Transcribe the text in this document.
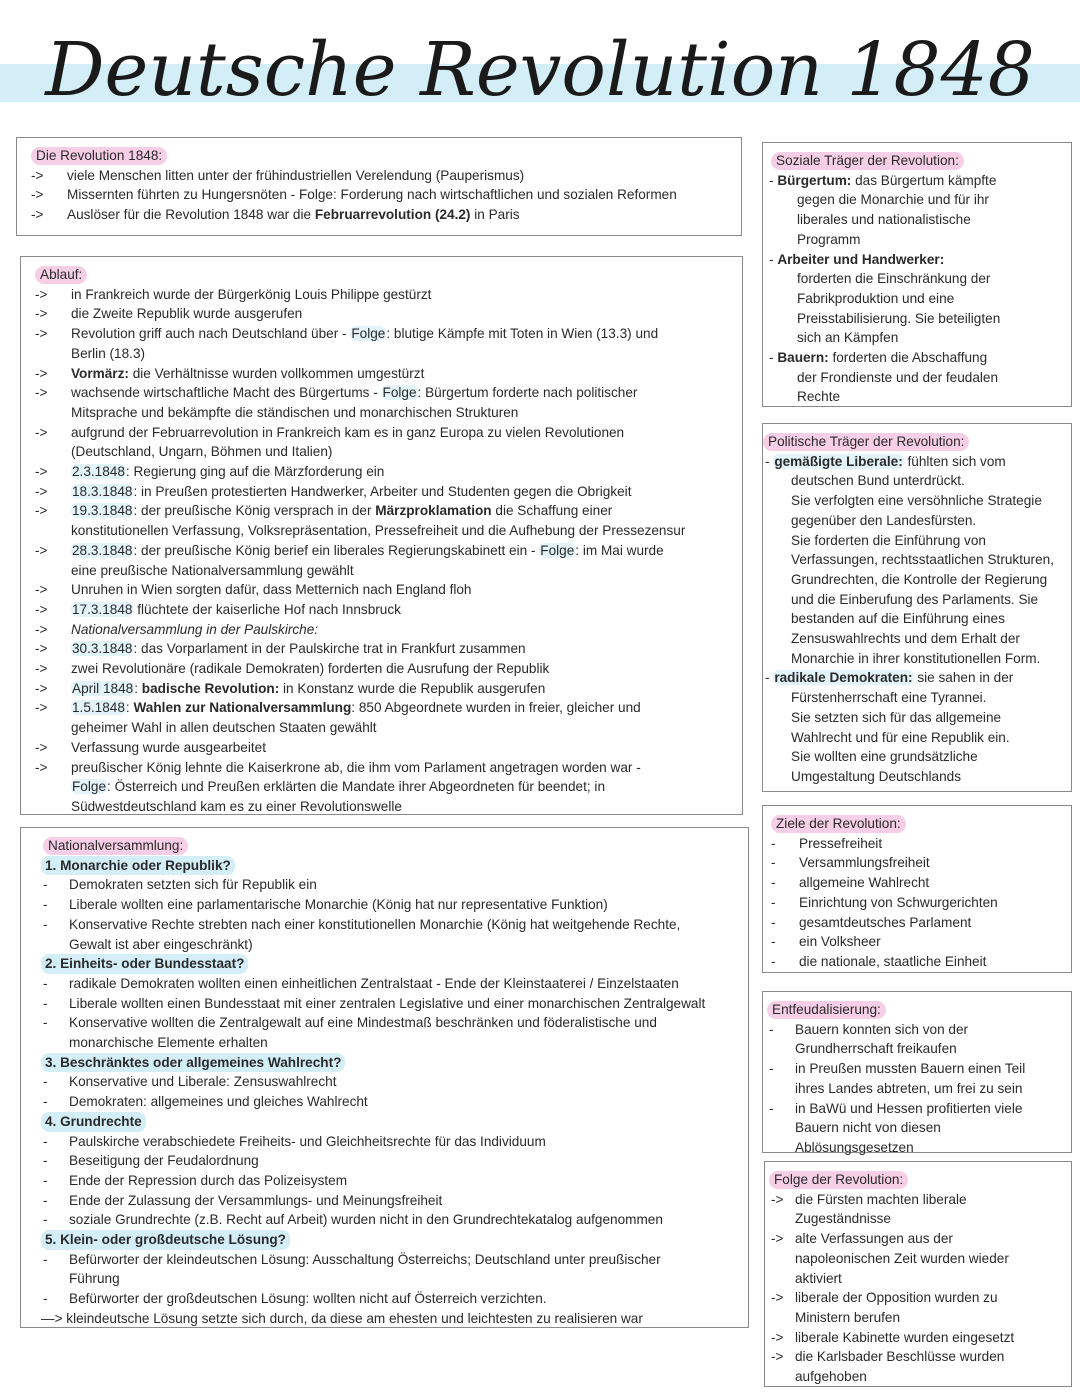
Deutsche Revolution 1848
Die Revolution 1848:
-> viele Menschen litten unter der frühindustriellen Verelendung (Pauperismus)
-> Missernten führten zu Hungersnöten - Folge: Forderung nach wirtschaftlichen und sozialen Reformen
-> Auslöser für die Revolution 1848 war die Februarrevolution (24.2) in Paris
Ablauf:
-> in Frankreich wurde der Bürgerkönig Louis Philippe gestürzt
-> die Zweite Republik wurde ausgerufen
-> Revolution griff auch nach Deutschland über - Folge: blutige Kämpfe mit Toten in Wien (13.3) und
Berlin (18.3)
-> Vormärz: die Verhältnisse wurden vollkommen umgestürzt
-> wachsende wirtschaftliche Macht des Bürgertums - Folge: Bürgertum forderte nach politischer
Mitsprache und bekämpfte die ständischen und monarchischen Strukturen
-> aufgrund der Februarrevolution in Frankreich kam es in ganz Europa zu vielen Revolutionen
(Deutschland, Ungarn, Böhmen und Italien)
-> 2.3.1848: Regierung ging auf die Märzforderung ein
-> 18.3.1848: in Preußen protestierten Handwerker, Arbeiter und Studenten gegen die Obrigkeit
-> 19.3.1848: der preußische König versprach in der Märzproklamation die Schaffung einer
konstitutionellen Verfassung, Volksrepräsentation, Pressefreiheit und die Aufhebung der Pressezensur
-> 28.3.1848: der preußische König berief ein liberales Regierungskabinett ein - Folge: im Mai wurde
eine preußische Nationalversammlung gewählt
-> Unruhen in Wien sorgten dafür, dass Metternich nach England floh
-> 17.3.1848 flüchtete der kaiserliche Hof nach Innsbruck
-> Nationalversammlung in der Paulskirche:
-> 30.3.1848: das Vorparlament in der Paulskirche trat in Frankfurt zusammen
-> zwei Revolutionäre (radikale Demokraten) forderten die Ausrufung der Republik
-> April 1848: badische Revolution: in Konstanz wurde die Republik ausgerufen
-> 1.5.1848: Wahlen zur Nationalversammlung: 850 Abgeordnete wurden in freier, gleicher und
geheimer Wahl in allen deutschen Staaten gewählt
-> Verfassung wurde ausgearbeitet
-> preußischer König lehnte die Kaiserkrone ab, die ihm vom Parlament angetragen worden war -
Folge: Österreich und Preußen erklärten die Mandate ihrer Abgeordneten für beendet; in
Südwestdeutschland kam es zu einer Revolutionswelle
Nationalversammlung:
1. Monarchie oder Republik?
- Demokraten setzten sich für Republik ein
- Liberale wollten eine parlamentarische Monarchie (König hat nur representative Funktion)
- Konservative Rechte strebten nach einer konstitutionellen Monarchie (König hat weitgehende Rechte,
Gewalt ist aber eingeschränkt)
2. Einheits- oder Bundesstaat?
- radikale Demokraten wollten einen einheitlichen Zentralstaat - Ende der Kleinstaaterei / Einzelstaaten
- Liberale wollten einen Bundesstaat mit einer zentralen Legislative und einer monarchischen Zentralgewalt
- Konservative wollten die Zentralgewalt auf eine Mindestmaß beschränken und föderalistische und
monarchische Elemente erhalten
3. Beschränktes oder allgemeines Wahlrecht?
- Konservative und Liberale: Zensuswahlrecht
- Demokraten: allgemeines und gleiches Wahlrecht
4. Grundrechte
- Paulskirche verabschiedete Freiheits- und Gleichheitsrechte für das Individuum
- Beseitigung der Feudalordnung
- Ende der Repression durch das Polizeisystem
- Ende der Zulassung der Versammlungs- und Meinungsfreiheit
- soziale Grundrechte (z.B. Recht auf Arbeit) wurden nicht in den Grundrechtekatalog aufgenommen
5. Klein- oder großdeutsche Lösung?
- Befürworter der kleindeutschen Lösung: Ausschaltung Österreichs; Deutschland unter preußischer
Führung
- Befürworter der großdeutschen Lösung: wollten nicht auf Österreich verzichten.
—> kleindeutsche Lösung setzte sich durch, da diese am ehesten und leichtesten zu realisieren war
Soziale Träger der Revolution:
- Bürgertum: das Bürgertum kämpfte
gegen die Monarchie und für ihr
liberales und nationalistische
Programm
- Arbeiter und Handwerker:
forderten die Einschränkung der
Fabrikproduktion und eine
Preisstabilisierung. Sie beteiligten
sich an Kämpfen
- Bauern: forderten die Abschaffung
der Frondienste und der feudalen
Rechte
Politische Träger der Revolution:
- gemäßigte Liberale: fühlten sich vom
deutschen Bund unterdrückt.
Sie verfolgten eine versöhnliche Strategie
gegenüber den Landesfürsten.
Sie forderten die Einführung von
Verfassungen, rechtsstaatlichen Strukturen,
Grundrechten, die Kontrolle der Regierung
und die Einberufung des Parlaments. Sie
bestanden auf die Einführung eines
Zensuswahlrechts und dem Erhalt der
Monarchie in ihrer konstitutionellen Form.
- radikale Demokraten: sie sahen in der
Fürstenherrschaft eine Tyrannei.
Sie setzten sich für das allgemeine
Wahlrecht und für eine Republik ein.
Sie wollten eine grundsätzliche
Umgestaltung Deutschlands
Ziele der Revolution:
- Pressefreiheit
- Versammlungsfreiheit
- allgemeine Wahlrecht
- Einrichtung von Schwurgerichten
- gesamtdeutsches Parlament
- ein Volksheer
- die nationale, staatliche Einheit
Entfeudalisierung:
- Bauern konnten sich von der
Grundherrschaft freikaufen
- in Preußen mussten Bauern einen Teil
ihres Landes abtreten, um frei zu sein
- in BaWü und Hessen profitierten viele
Bauern nicht von diesen
Ablösungsgesetzen
Folge der Revolution:
-> die Fürsten machten liberale
Zugeständnisse
-> alte Verfassungen aus der
napoleonischen Zeit wurden wieder
aktiviert
-> liberale der Opposition wurden zu
Ministern berufen
-> liberale Kabinette wurden eingesetzt
-> die Karlsbader Beschlüsse wurden
aufgehoben
